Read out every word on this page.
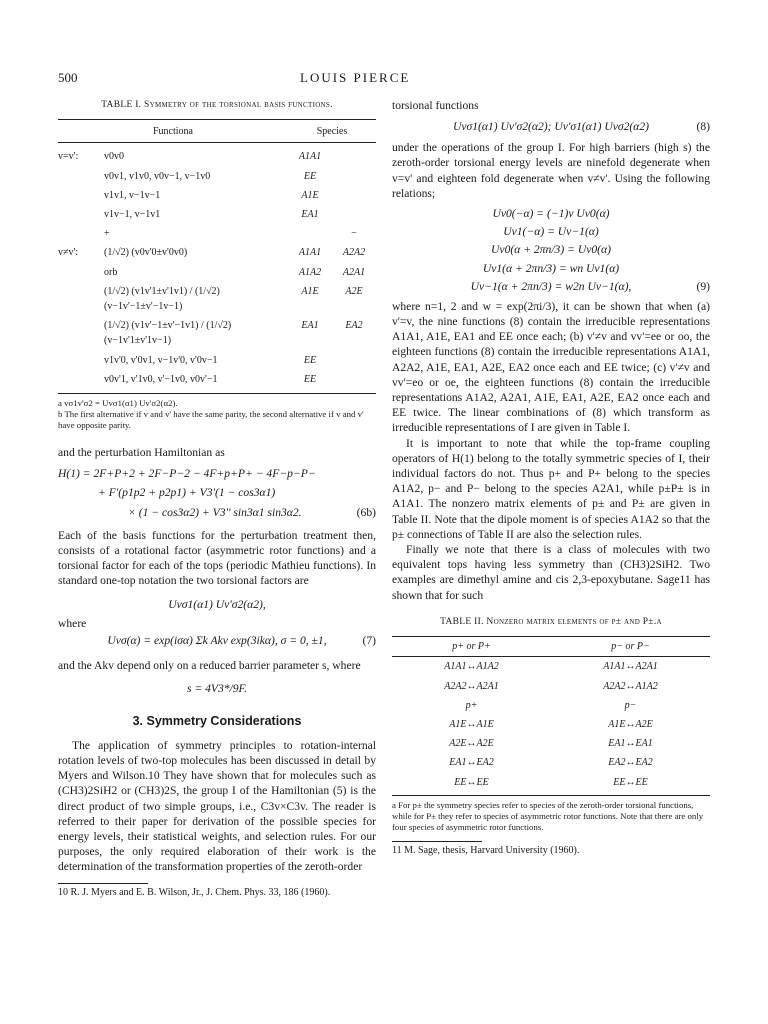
500	LOUIS PIERCE
TABLE I. Symmetry of the torsional basis functions.
Functiona	Species
v=v':	v0v0	A1A1	
	v0v1, v1v0, v0v−1, v−1v0	EE	
	v1v1, v−1v−1	A1E	
	v1v−1, v−1v1	EA1	
	+		−
v≠v':	(1/√2) (v0v'0±v'0v0)	A1A1	A2A2
	orb	A1A2	A2A1
	(1/√2) (v1v'1±v'1v1) / (1/√2) (v−1v'−1±v'−1v−1)	A1E	A2E
	(1/√2) (v1v'−1±v'−1v1) / (1/√2) (v−1v'1±v'1v−1)	EA1	EA2
	v1v'0, v'0v1, v−1v'0, v'0v−1	EE	
	v0v'1, v'1v0, v'−1v0, v0v'−1	EE	
a vσ1v'σ2 = Uvσ1(α1) Uv'σ2(α2).
b The first alternative if v and v' have the same parity, the second alternative if v and v' have opposite parity.
and the perturbation Hamiltonian as
H(1) = 2F+P+2 + 2F−P−2 − 4F+p+P+ − 4F−p−P−
+ F'(p1p2 + p2p1) + V3'(1 − cos3α1)
× (1 − cos3α2) + V3'' sin3α1 sin3α2.	(6b)
Each of the basis functions for the perturbation treatment then, consists of a rotational factor (asymmetric rotor functions) and a torsional factor for each of the tops (periodic Mathieu functions). In standard one-top notation the two torsional factors are
Uvσ1(α1) Uv'σ2(α2),
where
Uvσ(α) = exp(iσα) Σk Akv exp(3ikα), σ = 0, ±1,	(7)
and the Akv depend only on a reduced barrier parameter s, where
s = 4V3*/9F.
3. Symmetry Considerations
The application of symmetry principles to rotation-internal rotation levels of two-top molecules has been discussed in detail by Myers and Wilson.10 They have shown that for molecules such as (CH3)2SiH2 or (CH3)2S, the group I of the Hamiltonian (5) is the direct product of two simple groups, i.e., C3v×C3v. The reader is referred to their paper for derivation of the possible species for energy levels, their statistical weights, and selection rules. For our purposes, the only required elaboration of their work is the determination of the transformation properties of the zeroth-order
10 R. J. Myers and E. B. Wilson, Jr., J. Chem. Phys. 33, 186 (1960).
torsional functions
Uvσ1(α1) Uv'σ2(α2); Uv'σ1(α1) Uvσ2(α2)	(8)
under the operations of the group I. For high barriers (high s) the zeroth-order torsional energy levels are ninefold degenerate when v=v' and eighteen fold degenerate when v≠v'. Using the following relations;
Uv0(−α) = (−1)v Uv0(α)
Uv1(−α) = Uv−1(α)
Uv0(α + 2πn/3) = Uv0(α)
Uv1(α + 2πn/3) = wn Uv1(α)
Uv−1(α + 2πn/3) = w2n Uv−1(α),	(9)
where n=1, 2 and w = exp(2πi/3), it can be shown that when (a) v'=v, the nine functions (8) contain the irreducible representations A1A1, A1E, EA1 and EE once each; (b) v'≠v and vv'=ee or oo, the eighteen functions (8) contain the irreducible representations A1A1, A2A2, A1E, EA1, A2E, EA2 once each and EE twice; (c) v'≠v and vv'=eo or oe, the eighteen functions (8) contain the irreducible representations A1A2, A2A1, A1E, EA1, A2E, EA2 once each and EE twice. The linear combinations of (8) which transform as irreducible representations of I are given in Table I.
It is important to note that while the top-frame coupling operators of H(1) belong to the totally symmetric species of I, their individual factors do not. Thus p+ and P+ belong to the species A1A2, p− and P− belong to the species A2A1, while p±P± is in A1A1. The nonzero matrix elements of p± and P± are given in Table II. Note that the dipole moment is of species A1A2 so that the p± connections of Table II are also the selection rules.
Finally we note that there is a class of molecules with two equivalent tops having less symmetry than (CH3)2SiH2. Two examples are dimethyl amine and cis 2,3-epoxybutane. Sage11 has shown that for such
TABLE II. Nonzero matrix elements of p± and P±.a
p+ or P+	p− or P−
A1A1↔A1A2	A1A1↔A2A1
A2A2↔A2A1	A2A2↔A1A2
p+	p−
A1E↔A1E	A1E↔A2E
A2E↔A2E	EA1↔EA1
EA1↔EA2	EA2↔EA2
EE↔EE	EE↔EE
a For p± the symmetry species refer to species of the zeroth-order torsional functions, while for P± they refer to species of asymmetric rotor functions. Note that there are only four species of asymmetric rotor functions.
11 M. Sage, thesis, Harvard University (1960).
